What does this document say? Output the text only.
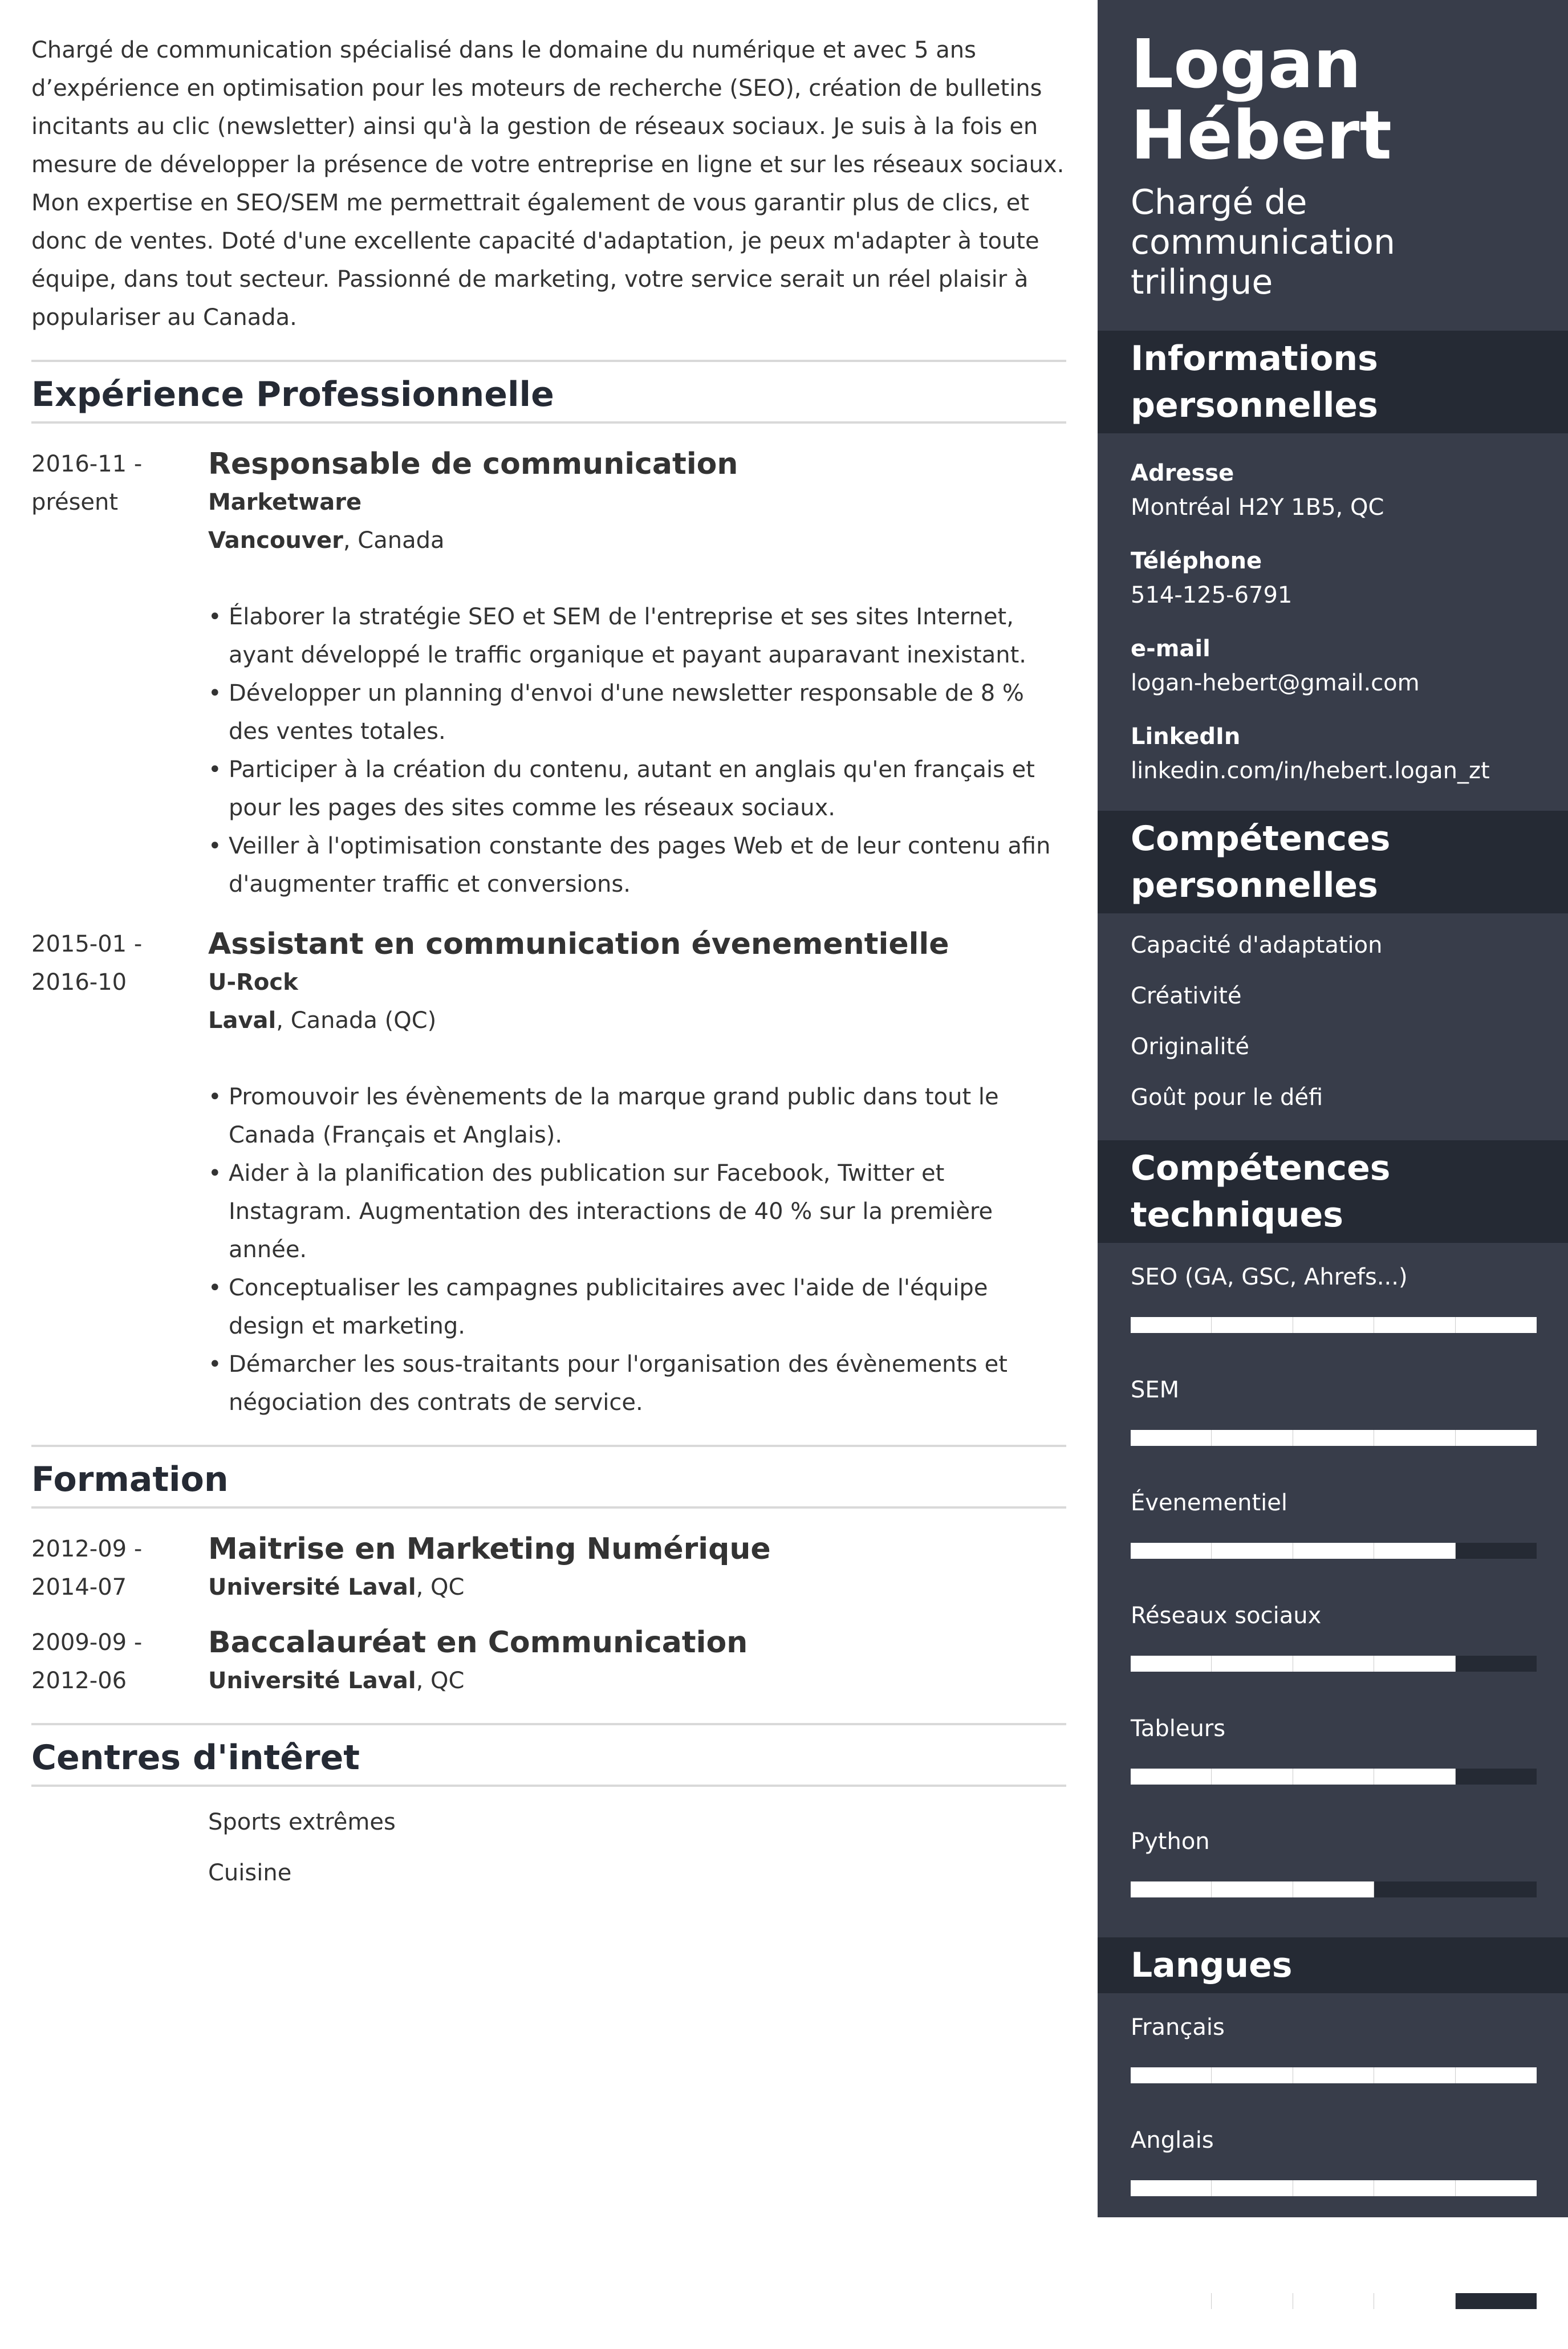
Chargé de communication spécialisé dans le domaine du numérique et avec 5 ans d’expérience en optimisation pour les moteurs de recherche (SEO), création de bulletins incitants au clic (newsletter) ainsi qu'à la gestion de réseaux sociaux. Je suis à la fois en mesure de développer la présence de votre entreprise en ligne et sur les réseaux sociaux. Mon expertise en SEO/SEM me permettrait également de vous garantir plus de clics, et donc de ventes. Doté d'une excellente capacité d'adaptation, je peux m'adapter à toute équipe, dans tout secteur. Passionné de marketing, votre service serait un réel plaisir à populariser au Canada.

Expérience Professionnelle
2016-11 -
présent
Responsable de communication
Marketware
Vancouver, Canada
• Élaborer la stratégie SEO et SEM de l'entreprise et ses sites Internet, ayant développé le traffic organique et payant auparavant inexistant.
• Développer un planning d'envoi d'une newsletter responsable de 8 % des ventes totales.
• Participer à la création du contenu, autant en anglais qu'en français et pour les pages des sites comme les réseaux sociaux.
• Veiller à l'optimisation constante des pages Web et de leur contenu afin d'augmenter traffic et conversions.
2015-01 -
2016-10
Assistant en communication évenementielle
U-Rock
Laval, Canada (QC)
• Promouvoir les évènements de la marque grand public dans tout le Canada (Français et Anglais).
• Aider à la planification des publication sur Facebook, Twitter et Instagram. Augmentation des interactions de 40 % sur la première année.
• Conceptualiser les campagnes publicitaires avec l'aide de l'équipe design et marketing.
• Démarcher les sous-traitants pour l'organisation des évènements et négociation des contrats de service.
Formation
2012-09 -
2014-07
Maitrise en Marketing Numérique
Université Laval, QC
2009-09 -
2012-06
Baccalauréat en Communication
Université Laval, QC
Centres d'intêret
Sports extrêmes
Cuisine
Logan
Hébert
Chargé de communication trilingue
Informations personnelles
Adresse
Montréal H2Y 1B5, QC
Téléphone
514-125-6791
e-mail
logan-hebert@gmail.com
LinkedIn
linkedin.com/in/hebert.logan_zt
Compétences personnelles
Capacité d'adaptation
Créativité
Originalité
Goût pour le défi
Compétences techniques
SEO (GA, GSC, Ahrefs...)
SEM
Évenementiel
Réseaux sociaux
Tableurs
Python
Langues
Français
Anglais
Espagnol (Amérique Latine)
